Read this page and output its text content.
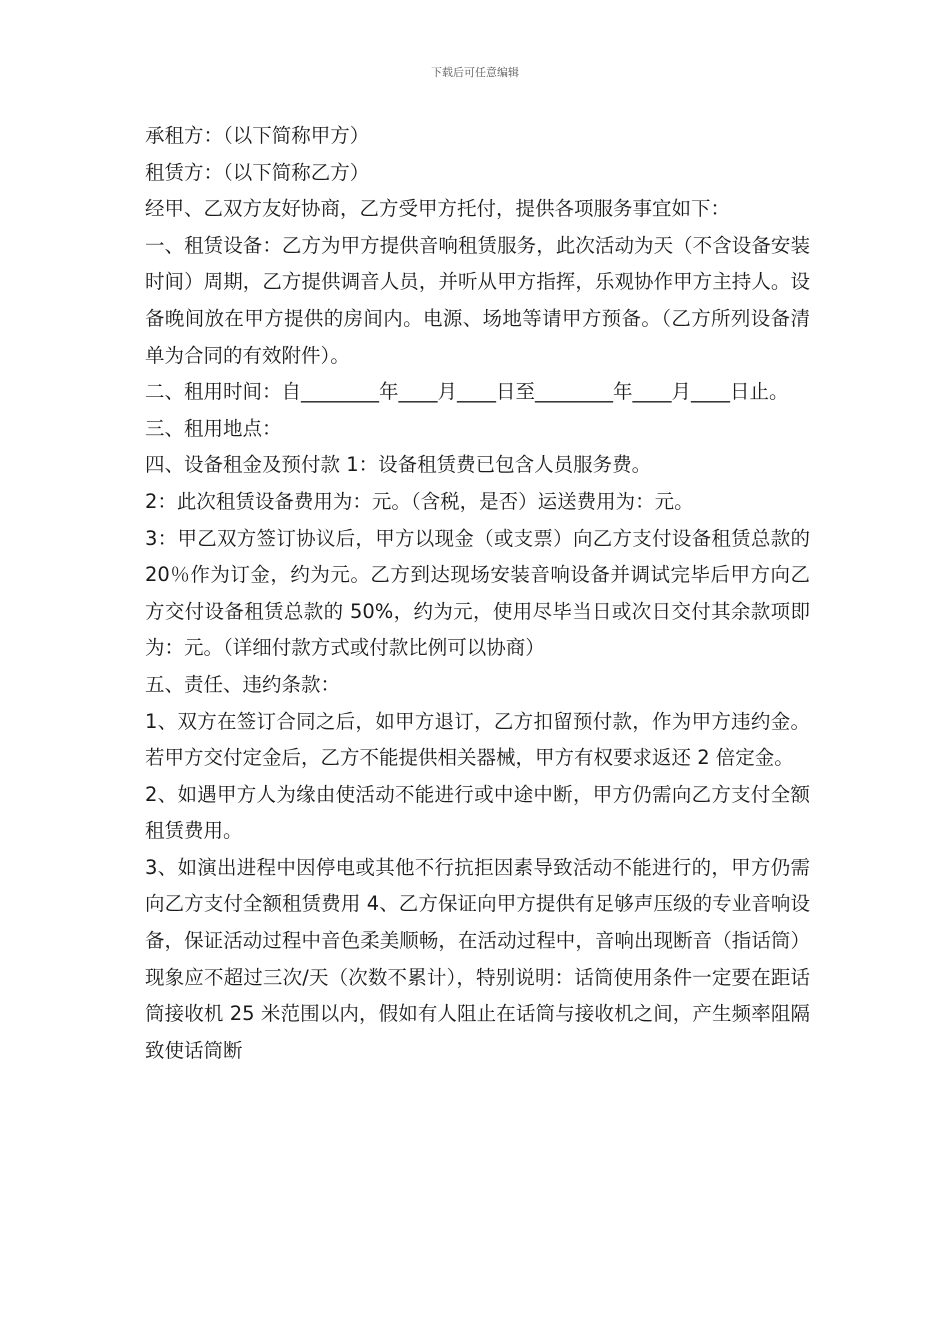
下载后可任意编辑

承租方：（以下简称甲方）

租赁方：（以下简称乙方）

经甲、乙双方友好协商，乙方受甲方托付，提供各项服务事宜如下：

一、租赁设备：乙方为甲方提供音响租赁服务，此次活动为天（不含设备安装时间）周期，乙方提供调音人员，并听从甲方指挥，乐观协作甲方主持人。设备晚间放在甲方提供的房间内。电源、场地等请甲方预备。（乙方所列设备清单为合同的有效附件）。

二、租用时间：自________年____月____日至________年____月____日止。

三、租用地点：

四、设备租金及预付款 1：设备租赁费已包含人员服务费。

2：此次租赁设备费用为：元。（含税，是否）运送费用为：元。

3：甲乙双方签订协议后，甲方以现金（或支票）向乙方支付设备租赁总款的 20％作为订金，约为元。乙方到达现场安装音响设备并调试完毕后甲方向乙方交付设备租赁总款的 50%，约为元，使用尽毕当日或次日交付其余款项即为：元。（详细付款方式或付款比例可以协商）

五、责任、违约条款：

1、双方在签订合同之后，如甲方退订，乙方扣留预付款，作为甲方违约金。若甲方交付定金后，乙方不能提供相关器械，甲方有权要求返还 2 倍定金。

2、如遇甲方人为缘由使活动不能进行或中途中断，甲方仍需向乙方支付全额租赁费用。

3、如演出进程中因停电或其他不行抗拒因素导致活动不能进行的，甲方仍需向乙方支付全额租赁费用 4、乙方保证向甲方提供有足够声压级的专业音响设备，保证活动过程中音色柔美顺畅，在活动过程中，音响出现断音（指话筒）现象应不超过三次/天（次数不累计），特别说明：话筒使用条件一定要在距话筒接收机 25 米范围以内，假如有人阻止在话筒与接收机之间，产生频率阻隔致使话筒断
